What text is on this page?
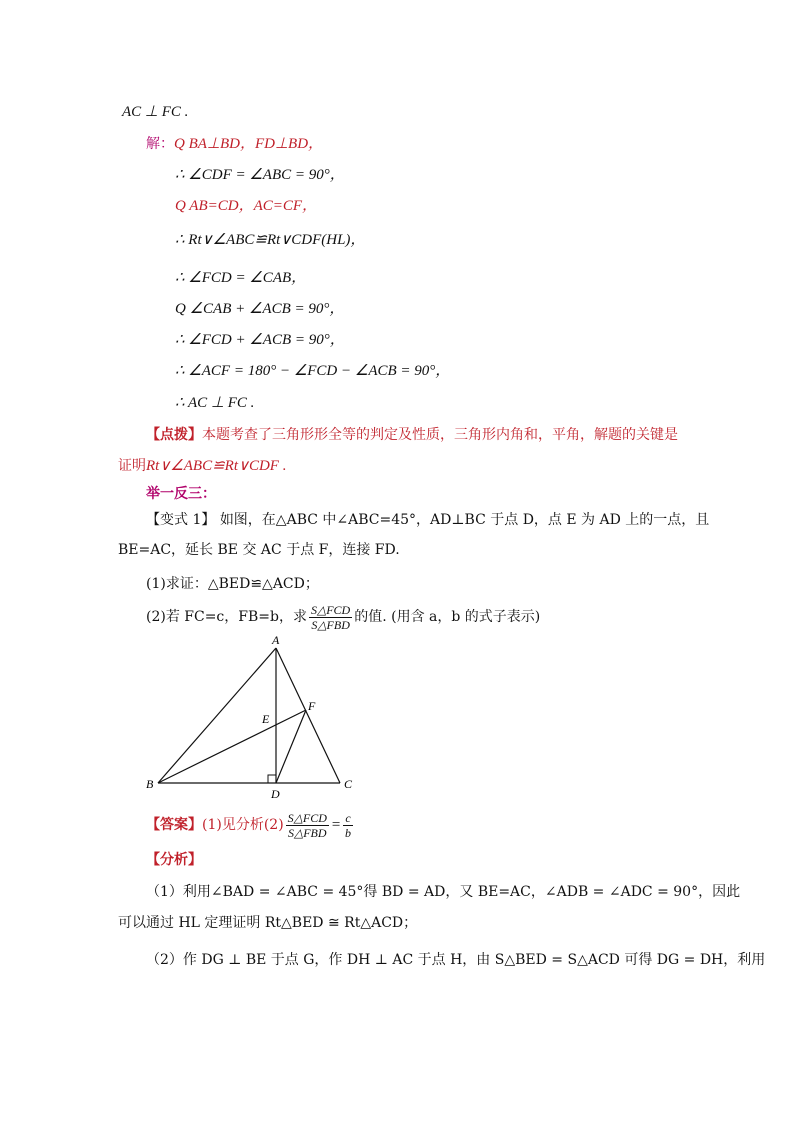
AC ⊥ FC .
解：Q BA⊥BD，FD⊥BD，
∴ ∠CDF = ∠ABC = 90°，
Q AB=CD，AC=CF，
∴ Rt∨∠ABC≌Rt∨CDF(HL)，
∴ ∠FCD = ∠CAB，
Q ∠CAB + ∠ACB = 90°，
∴ ∠FCD + ∠ACB = 90°，
∴ ∠ACF = 180° − ∠FCD − ∠ACB = 90°，
∴ AC ⊥ FC .
【点拨】本题考查了三角形形全等的判定及性质，三角形内角和，平角，解题的关键是
证明Rt∨∠ABC≌Rt∨CDF .
举一反三：
【变式 1】 如图，在△ABC 中∠ABC=45°，AD⊥BC 于点 D，点 E 为 AD 上的一点，且
BE=AC，延长 BE 交 AC 于点 F，连接 FD.
(1)求证：△BED≌△ACD；
(2)若 FC=c，FB=b，求 $\frac{\text{S△FCD}}{\text{S△FBD}}$ 的值. (用含 a，b 的式子表示)
A
B	C
D
E
F
【答案】(1)见分析$(2) \frac{\text{S△FCD}}{\text{S△FBD}} = \frac{c}{b}$
【分析】
（1）利用∠BAD = ∠ABC = 45°得 BD = AD，又 BE=AC，∠ADB = ∠ADC = 90°，因此
可以通过 HL 定理证明 Rt△BED ≅ Rt△ACD；
（2）作 DG ⊥ BE 于点 G，作 DH ⊥ AC 于点 H，由 S△BED = S△ACD 可得 DG = DH，利用
